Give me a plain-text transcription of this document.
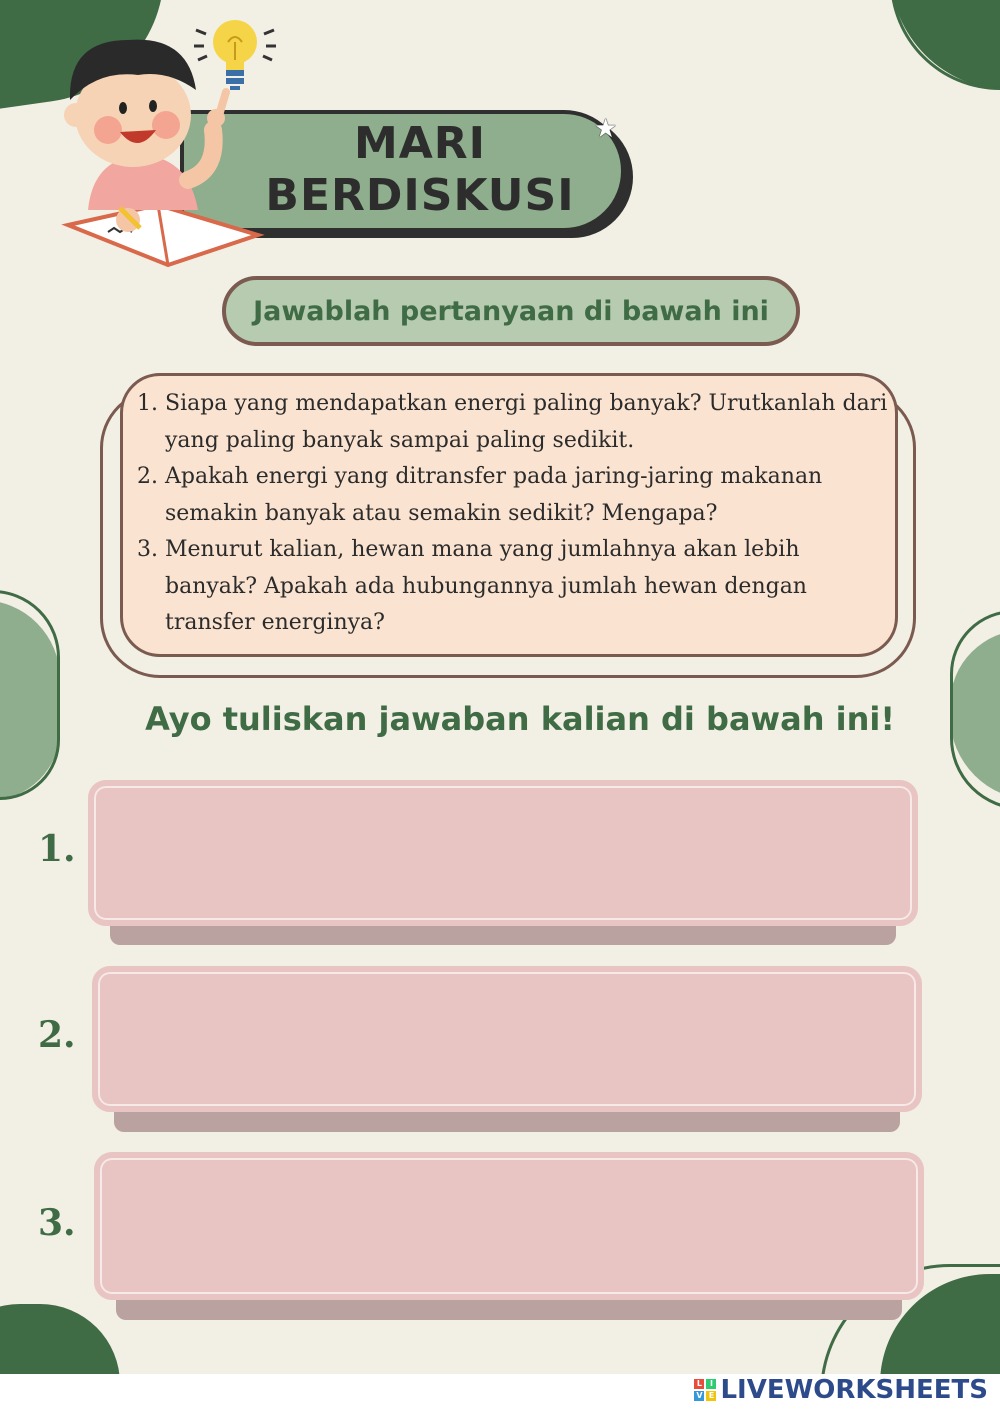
MARI BERDISKUSI
★
Jawablah pertanyaan di bawah ini
1. Siapa yang mendapatkan energi paling banyak? Urutkanlah dari yang paling banyak sampai paling sedikit.
2. Apakah energi yang ditransfer pada jaring-jaring makanan semakin banyak atau semakin sedikit? Mengapa?
3. Menurut kalian, hewan mana yang jumlahnya akan lebih banyak? Apakah ada hubungannya jumlah hewan dengan transfer energinya?
Ayo tuliskan jawaban kalian di bawah ini!
1.
2.
3.
L I
V E LIVEWORKSHEETS
